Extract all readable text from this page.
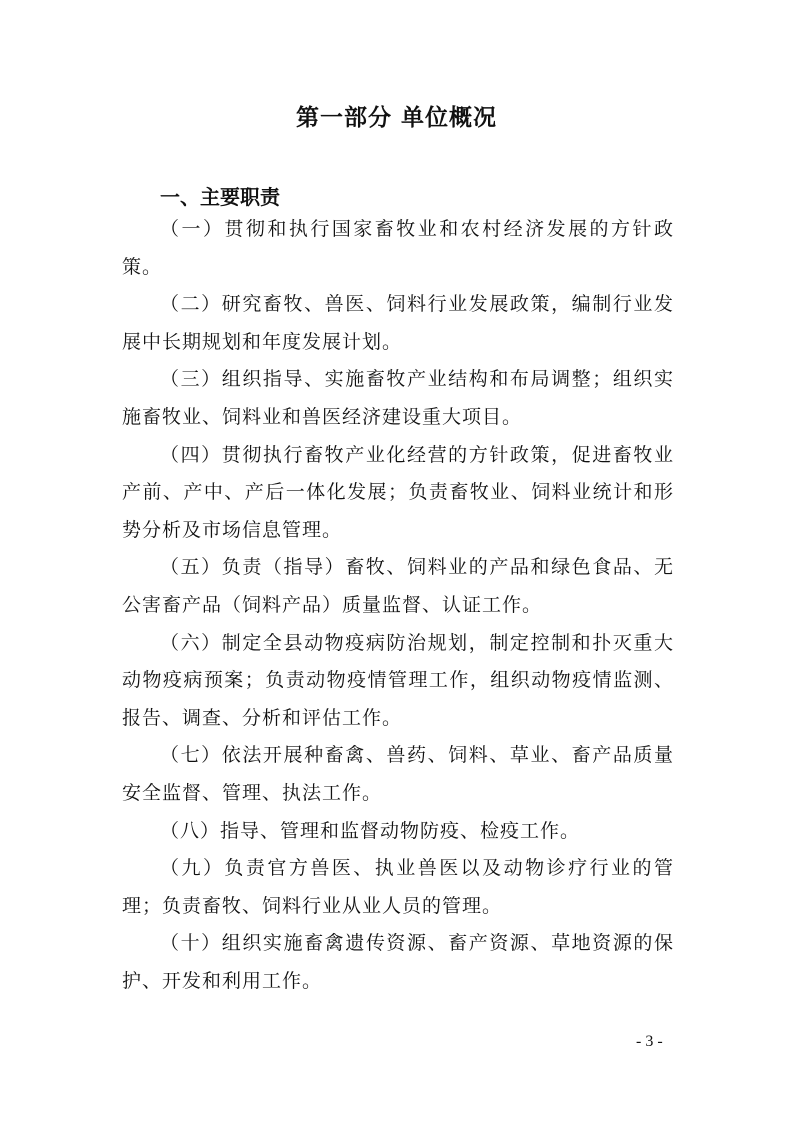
第一部分 单位概况
一、主要职责

（一）贯彻和执行国家畜牧业和农村经济发展的方针政策。

（二）研究畜牧、兽医、饲料行业发展政策，编制行业发展中长期规划和年度发展计划。

（三）组织指导、实施畜牧产业结构和布局调整；组织实施畜牧业、饲料业和兽医经济建设重大项目。

（四）贯彻执行畜牧产业化经营的方针政策，促进畜牧业产前、产中、产后一体化发展；负责畜牧业、饲料业统计和形势分析及市场信息管理。

（五）负责（指导）畜牧、饲料业的产品和绿色食品、无公害畜产品（饲料产品）质量监督、认证工作。

（六）制定全县动物疫病防治规划，制定控制和扑灭重大动物疫病预案；负责动物疫情管理工作，组织动物疫情监测、报告、调查、分析和评估工作。

（七）依法开展种畜禽、兽药、饲料、草业、畜产品质量安全监督、管理、执法工作。

（八）指导、管理和监督动物防疫、检疫工作。

（九）负责官方兽医、执业兽医以及动物诊疗行业的管理；负责畜牧、饲料行业从业人员的管理。

（十）组织实施畜禽遗传资源、畜产资源、草地资源的保护、开发和利用工作。

- 3 -
